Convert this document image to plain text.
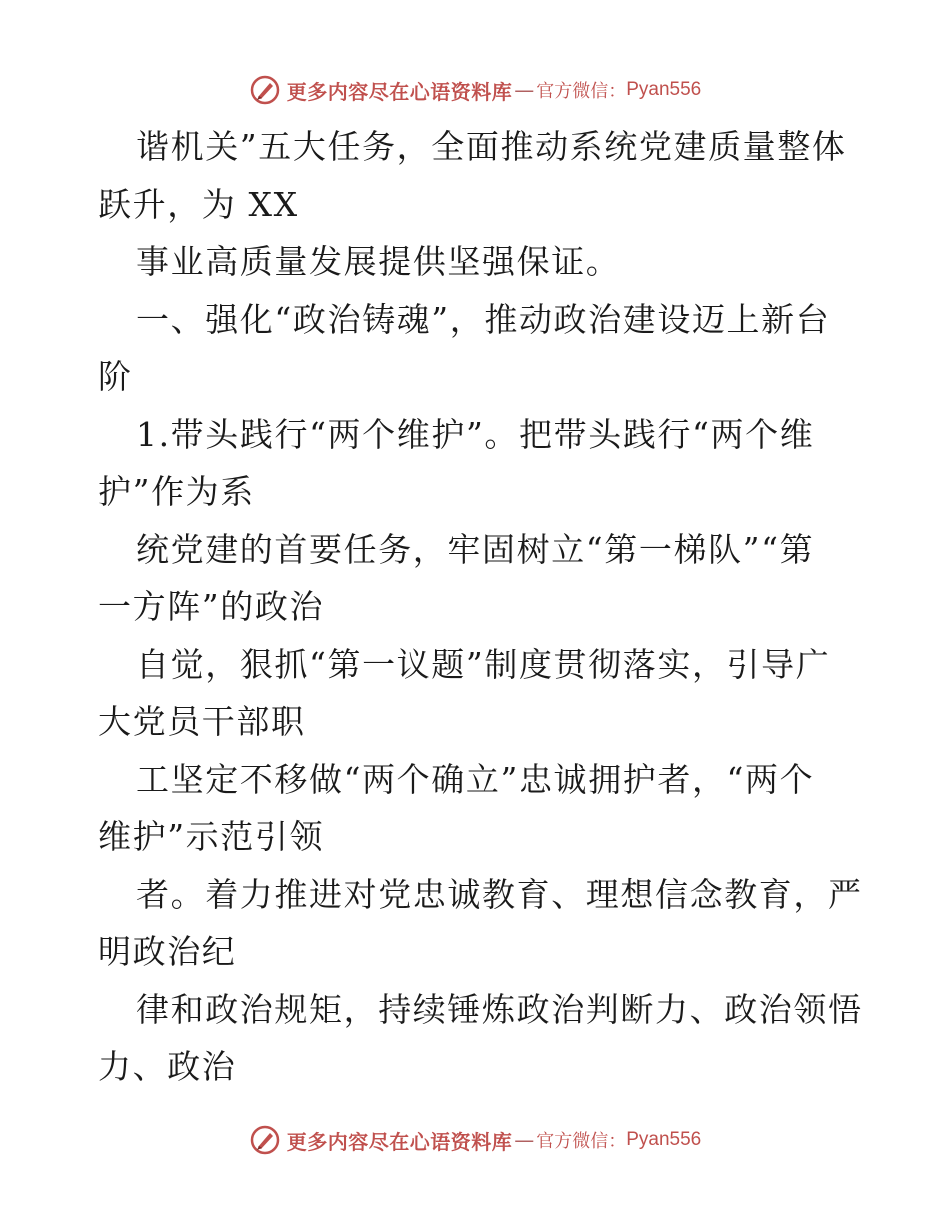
更多内容尽在心语资料库 — 官方微信： Pyan556

谐机关”五大任务，全面推动系统党建质量整体

跃升，为 XX

事业高质量发展提供坚强保证。

一、强化“政治铸魂”，推动政治建设迈上新台

阶

1.带头践行“两个维护”。把带头践行“两个维

护”作为系

统党建的首要任务，牢固树立“第一梯队”“第

一方阵”的政治

自觉，狠抓“第一议题”制度贯彻落实，引导广

大党员干部职

工坚定不移做“两个确立”忠诚拥护者，“两个

维护”示范引领

者。着力推进对党忠诚教育、理想信念教育，严

明政治纪

律和政治规矩，持续锤炼政治判断力、政治领悟

力、政治

更多内容尽在心语资料库 — 官方微信： Pyan556
